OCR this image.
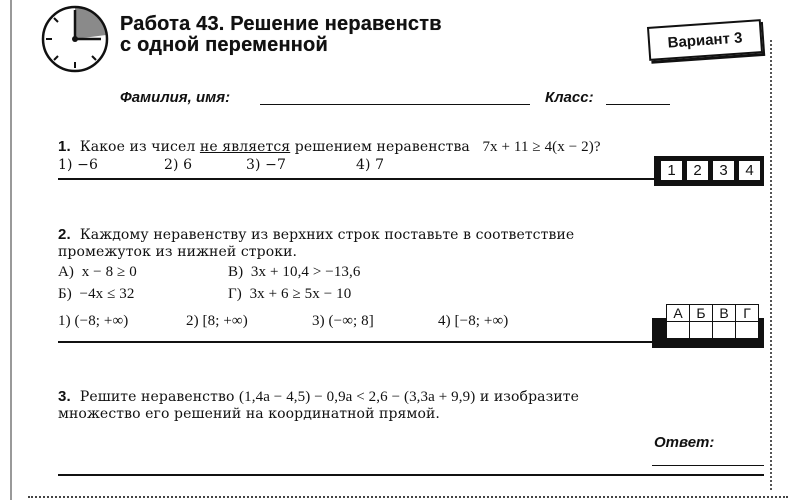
Работа 43. Решение неравенств
с одной переменной	Вариант 3
Фамилия, имя:	Класс:
1. Какое из чисел не является решением неравенства 7x + 11 ≥ 4(x − 2)?
1) −6	2) 6	3) −7	4) 7	1	2	3	4
2. Каждому неравенству из верхних строк поставьте в соответствие
промежуток из нижней строки.
А) x − 8 ≥ 0	В) 3x + 10,4 > −13,6
Б) −4x ≤ 32	Г) 3x + 6 ≥ 5x − 10
1) (−8; +∞)	2) [8; +∞)	3) (−∞; 8]	4) [−8; +∞)	А	Б	В	Г

3. Решите неравенство (1,4a − 4,5) − 0,9a < 2,6 − (3,3a + 9,9) и изобразите
множество его решений на координатной прямой.
Ответ:
